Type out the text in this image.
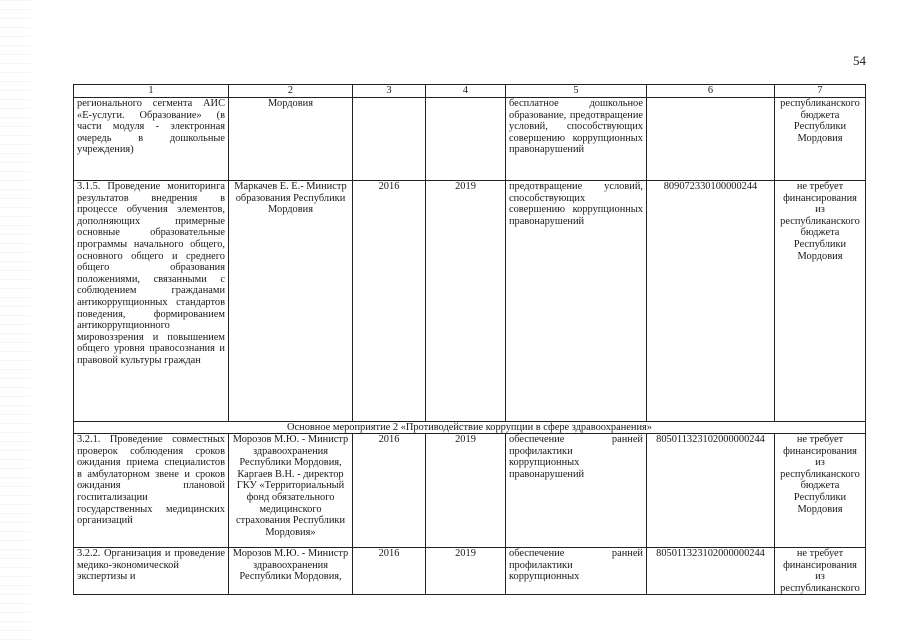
54
1	2	3	4	5	6	7
регионального сегмента АИС «Е-услуги. Образование» (в части модуля - электронная очередь в дошкольные учреждения)	Мордовия			бесплатное дошкольное образование, предотвращение условий, способствующих совершению коррупционных правонарушений		республиканского бюджета Республики Мордовия
3.1.5. Проведение мониторинга результатов внедрения в процессе обучения элементов, дополняющих примерные основные образовательные программы начального общего, основного общего и среднего общего образования положениями, связанными с соблюдением гражданами антикоррупционных стандартов поведения, формированием антикоррупционного мировоззрения и повышением общего уровня правосознания и правовой культуры граждан	Маркачев Е. Е.- Министр образования Республики Мордовия	2016	2019	предотвращение условий, способствующих совершению коррупционных правонарушений	809072330100000244	не требует финансирования из республиканского бюджета Республики Мордовия
Основное мероприятие 2 «Противодействие коррупции в сфере здравоохранения»						
3.2.1. Проведение совместных проверок соблюдения сроков ожидания приема специалистов в амбулаторном звене и сроков ожидания плановой госпитализации государственных медицинских организаций	Морозов М.Ю. - Министр здравоохранения Республики Мордовия, Каргаев В.Н. - директор ГКУ «Территориальный фонд обязательного медицинского страхования Республики Мордовия»	2016	2019	обеспечение ранней профилактики коррупционных правонарушений	805011323102000000244	не требует финансирования из республиканского бюджета Республики Мордовия
3.2.2. Организация и проведение медико-экономической экспертизы и	Морозов М.Ю. - Министр здравоохранения Республики Мордовия,	2016	2019	обеспечение ранней профилактики коррупционных	805011323102000000244	не требует финансирования из республиканского
